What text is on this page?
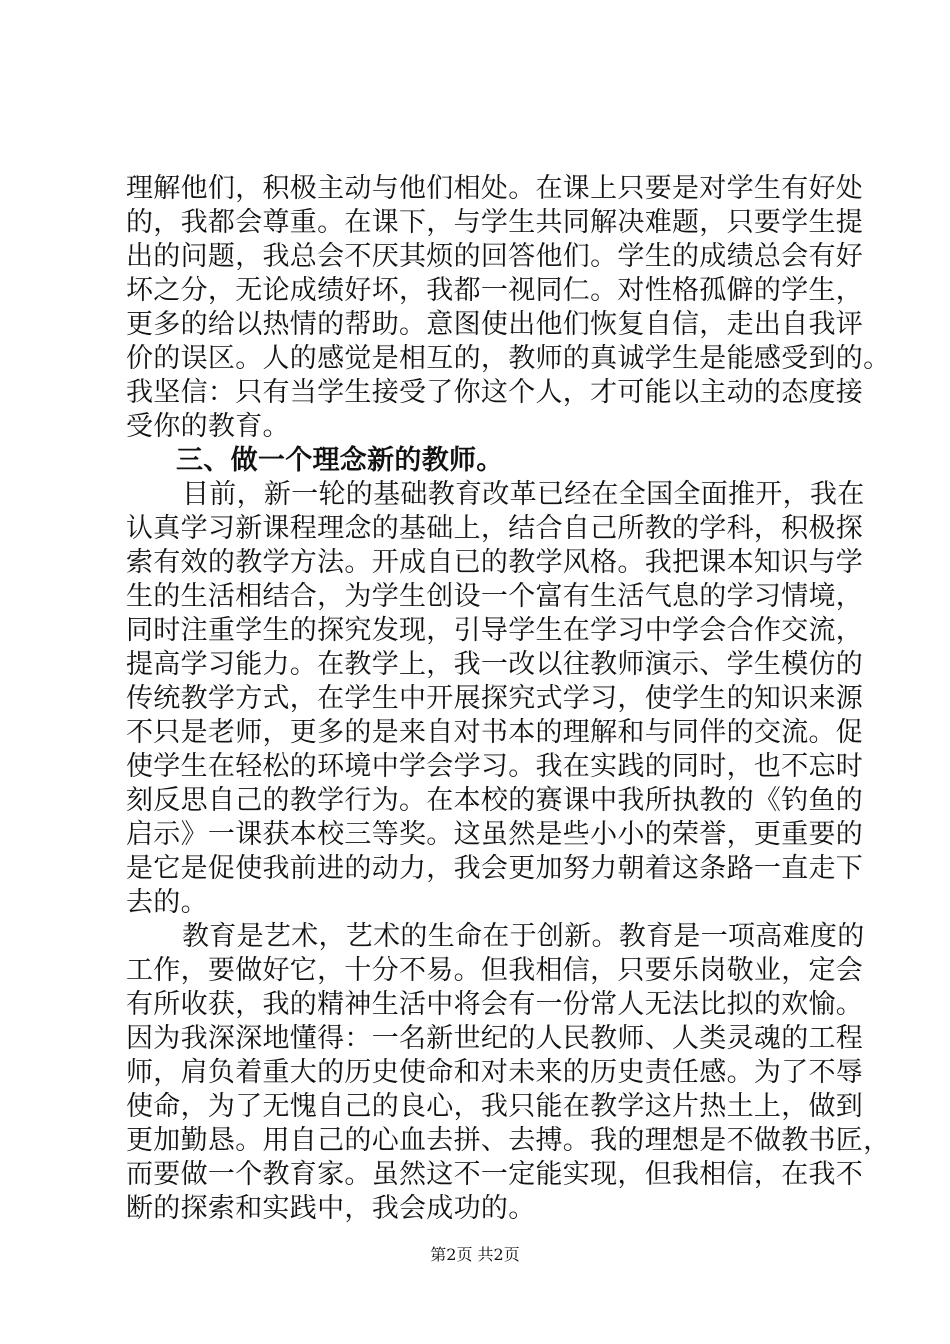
理解他们，积极主动与他们相处。在课上只要是对学生有好处
的，我都会尊重。在课下，与学生共同解决难题，只要学生提
出的问题，我总会不厌其烦的回答他们。学生的成绩总会有好
坏之分，无论成绩好坏，我都一视同仁。对性格孤僻的学生，
更多的给以热情的帮助。意图使出他们恢复自信，走出自我评
价的误区。人的感觉是相互的，教师的真诚学生是能感受到的。
我坚信：只有当学生接受了你这个人，才可能以主动的态度接
受你的教育。
三、做一个理念新的教师。
目前，新一轮的基础教育改革已经在全国全面推开，我在
认真学习新课程理念的基础上，结合自己所教的学科，积极探
索有效的教学方法。开成自已的教学风格。我把课本知识与学
生的生活相结合，为学生创设一个富有生活气息的学习情境，
同时注重学生的探究发现，引导学生在学习中学会合作交流，
提高学习能力。在教学上，我一改以往教师演示、学生模仿的
传统教学方式，在学生中开展探究式学习，使学生的知识来源
不只是老师，更多的是来自对书本的理解和与同伴的交流。促
使学生在轻松的环境中学会学习。我在实践的同时，也不忘时
刻反思自己的教学行为。在本校的赛课中我所执教的《钓鱼的
启示》一课获本校三等奖。这虽然是些小小的荣誉，更重要的
是它是促使我前进的动力，我会更加努力朝着这条路一直走下
去的。
教育是艺术，艺术的生命在于创新。教育是一项高难度的
工作，要做好它，十分不易。但我相信，只要乐岗敬业，定会
有所收获，我的精神生活中将会有一份常人无法比拟的欢愉。
因为我深深地懂得：一名新世纪的人民教师、人类灵魂的工程
师，肩负着重大的历史使命和对未来的历史责任感。为了不辱
使命，为了无愧自己的良心，我只能在教学这片热土上，做到
更加勤恳。用自己的心血去拼、去搏。我的理想是不做教书匠，
而要做一个教育家。虽然这不一定能实现，但我相信，在我不
断的探索和实践中，我会成功的。
第2页 共2页
